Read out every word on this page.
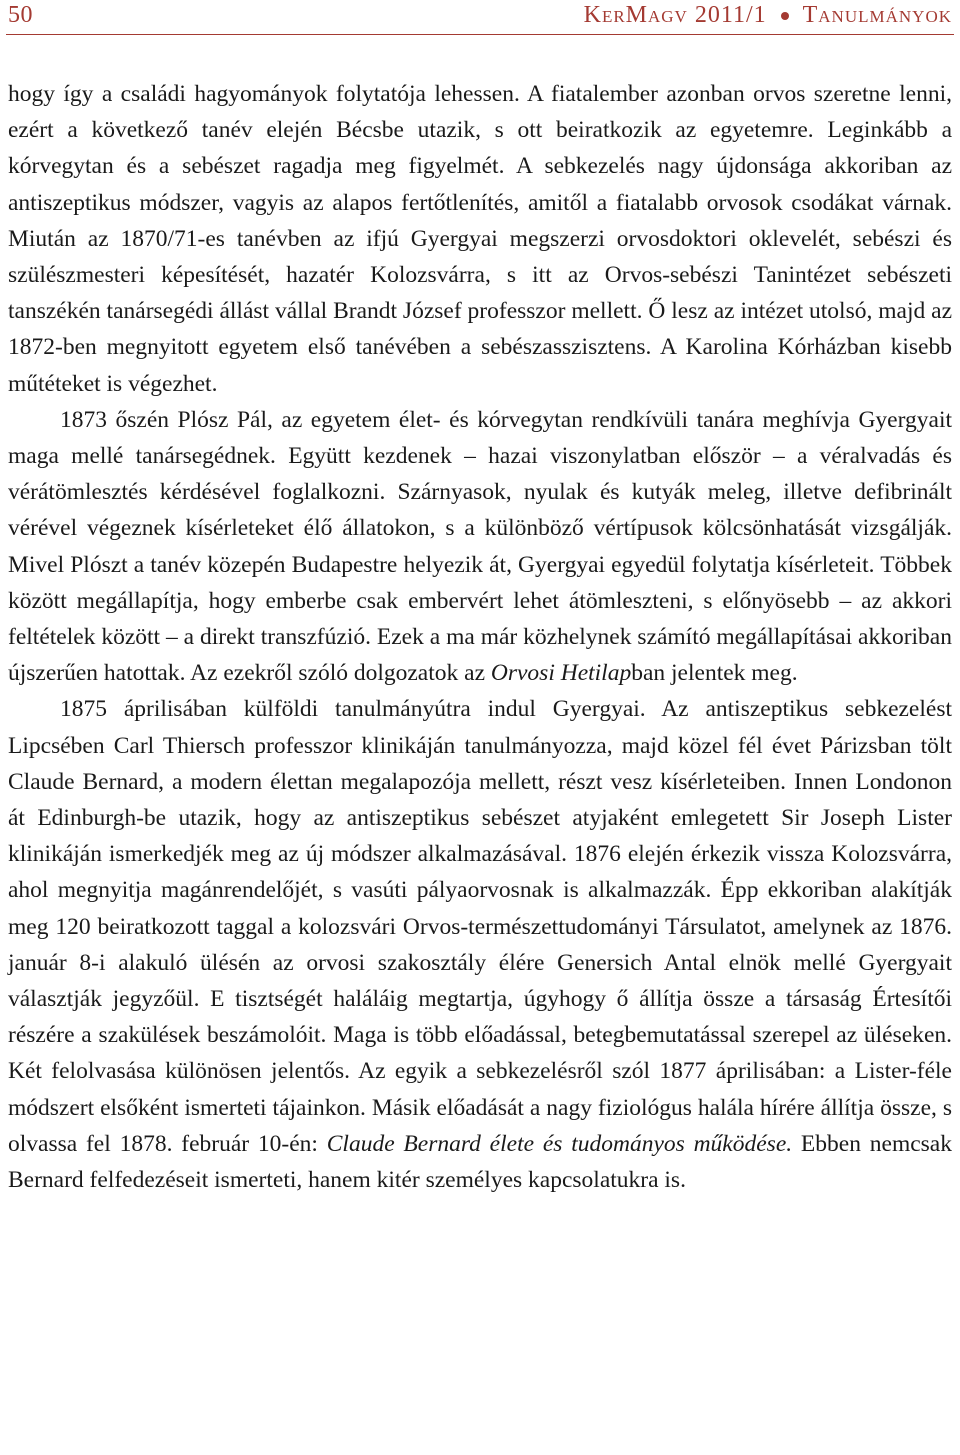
50	KerMagv 2011/1 Tanulmányok

hogy így a családi hagyományok folytatója lehessen. A fiatalember azonban orvos szeretne lenni, ezért a következő tanév elején Bécsbe utazik, s ott beiratkozik az egyetemre. Leginkább a kórvegytan és a sebészet ragadja meg figyelmét. A sebkezelés nagy újdonsága akkoriban az antiszeptikus módszer, vagyis az alapos fertőtlenítés, amitől a fiatalabb orvosok csodákat várnak. Miután az 1870/71-es tanévben az ifjú Gyergyai megszerzi orvosdoktori oklevelét, sebészi és szülészmesteri képesítését, hazatér Kolozsvárra, s itt az Orvos-sebészi Tanintézet sebészeti tanszékén tanársegédi állást vállal Brandt József professzor mellett. Ő lesz az intézet utolsó, majd az 1872-ben megnyitott egyetem első tanévében a sebészasszisztens. A Karolina Kórházban kisebb műtéteket is végezhet.

1873 őszén Plósz Pál, az egyetem élet- és kórvegytan rendkívüli tanára meghívja Gyergyait maga mellé tanársegédnek. Együtt kezdenek – hazai viszonylatban először – a véralvadás és vérátömlesztés kérdésével foglalkozni. Szárnyasok, nyulak és kutyák meleg, illetve defibrinált vérével végeznek kísérleteket élő állatokon, s a különböző vértípusok kölcsönhatását vizsgálják. Mivel Plószt a tanév közepén Budapestre helyezik át, Gyergyai egyedül folytatja kísérleteit. Többek között megállapítja, hogy emberbe csak embervért lehet átömleszteni, s előnyösebb – az akkori feltételek között – a direkt transzfúzió. Ezek a ma már közhelynek számító megállapításai akkoriban újszerűen hatottak. Az ezekről szóló dolgozatok az Orvosi Hetilapban jelentek meg.

1875 áprilisában külföldi tanulmányútra indul Gyergyai. Az antiszeptikus sebkezelést Lipcsében Carl Thiersch professzor klinikáján tanulmányozza, majd közel fél évet Párizsban tölt Claude Bernard, a modern élettan megalapozója mellett, részt vesz kísérleteiben. Innen Londonon át Edinburgh-be utazik, hogy az antiszeptikus sebészet atyjaként emlegetett Sir Joseph Lister klinikáján ismerkedjék meg az új módszer alkalmazásával. 1876 elején érkezik vissza Kolozsvárra, ahol megnyitja magánrendelőjét, s vasúti pályaorvosnak is alkalmazzák. Épp ekkoriban alakítják meg 120 beiratkozott taggal a kolozsvári Orvos-természettudományi Társulatot, amelynek az 1876. január 8-i alakuló ülésén az orvosi szakosztály élére Genersich Antal elnök mellé Gyergyait választják jegyzőül. E tisztségét haláláig megtartja, úgyhogy ő állítja össze a társaság Értesítői részére a szakülések beszámolóit. Maga is több előadással, betegbemutatással szerepel az üléseken. Két felolvasása különösen jelentős. Az egyik a sebkezelésről szól 1877 áprilisában: a Lister-féle módszert elsőként ismerteti tájainkon. Másik előadását a nagy fiziológus halála hírére állítja össze, s olvassa fel 1878. február 10-én: Claude Bernard élete és tudományos működése. Ebben nemcsak Bernard felfedezéseit ismerteti, hanem kitér személyes kapcsolatukra is.
